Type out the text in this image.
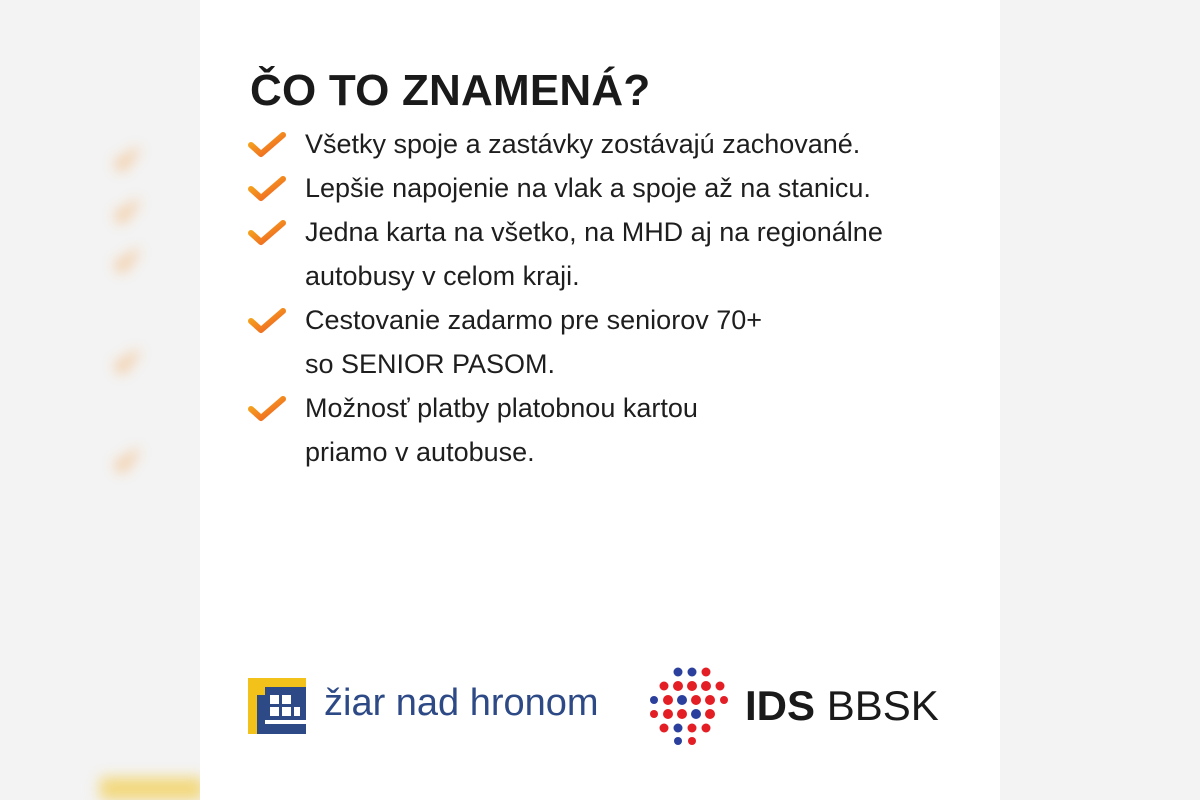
✔
✔
✔
✔
✔
ČO TO ZNAMENÁ?
Všetky spoje a zastávky zostávajú zachované.
Lepšie napojenie na vlak a spoje až na stanicu.
Jedna karta na všetko, na MHD aj na regionálne
autobusy v celom kraji.
Cestovanie zadarmo pre seniorov 70+
so SENIOR PASOM.
Možnosť platby platobnou kartou
priamo v autobuse.
žiar nad hronom	IDS BBSK
